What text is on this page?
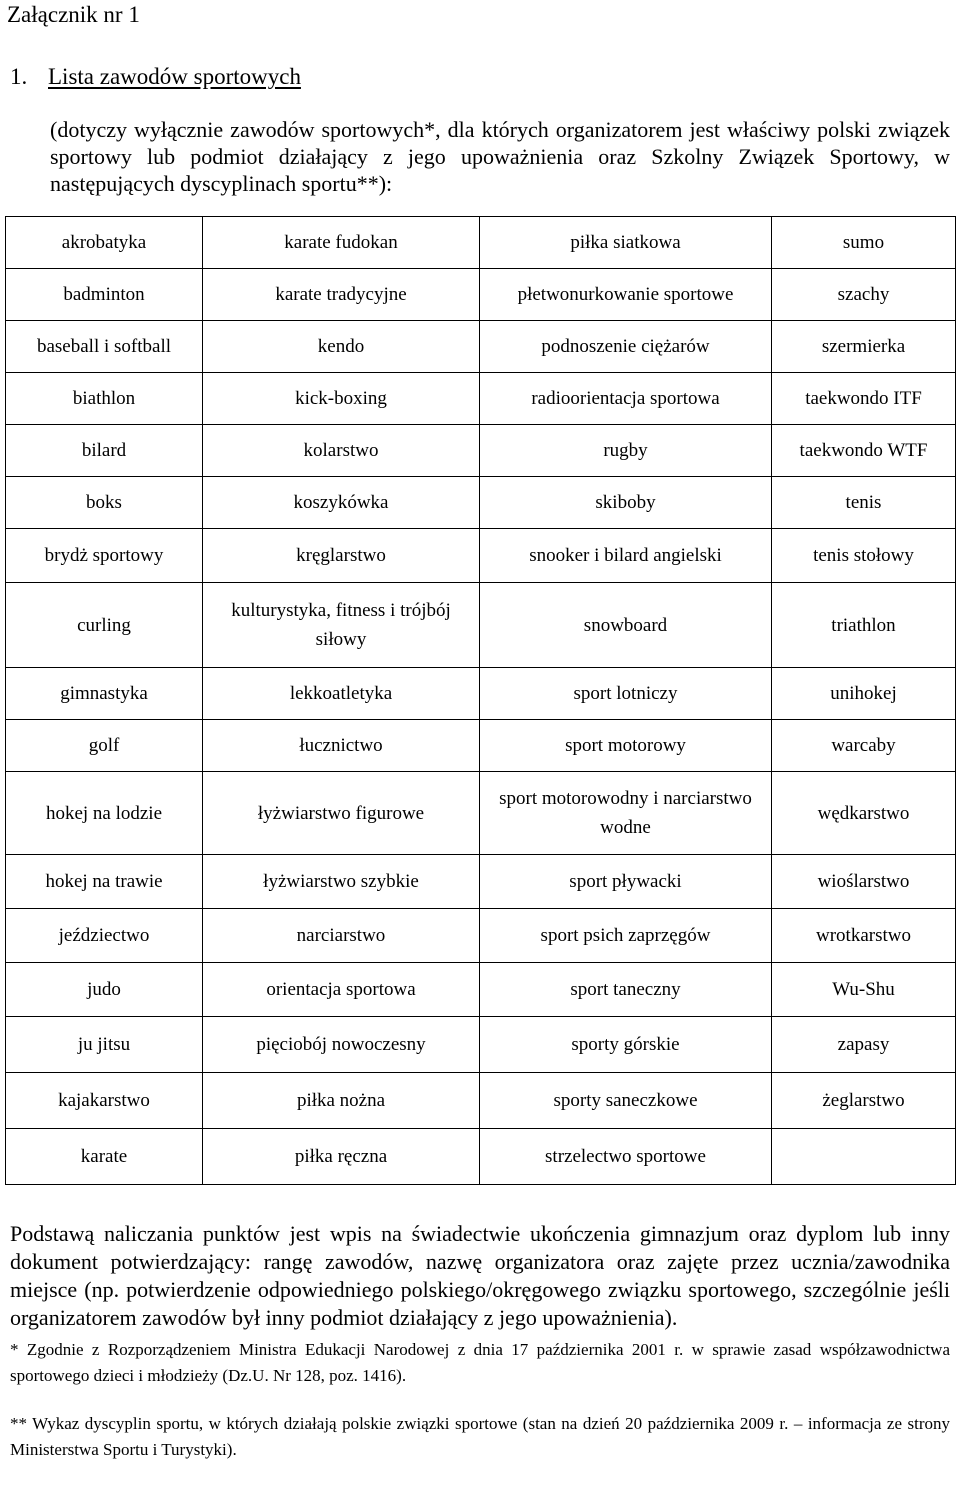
Załącznik nr 1
1. Lista zawodów sportowych
(dotyczy wyłącznie zawodów sportowych*, dla których organizatorem jest właściwy polski związek sportowy lub podmiot działający z jego upoważnienia oraz Szkolny Związek Sportowy, w następujących dyscyplinach sportu**):
akrobatyka	karate fudokan	piłka siatkowa	sumo
badminton	karate tradycyjne	płetwonurkowanie sportowe	szachy
baseball i softball	kendo	podnoszenie ciężarów	szermierka
biathlon	kick-boxing	radioorientacja sportowa	taekwondo ITF
bilard	kolarstwo	rugby	taekwondo WTF
boks	koszykówka	skiboby	tenis
brydż sportowy	kręglarstwo	snooker i bilard angielski	tenis stołowy
curling	kulturystyka, fitness i trójbój siłowy	snowboard	triathlon
gimnastyka	lekkoatletyka	sport lotniczy	unihokej
golf	łucznictwo	sport motorowy	warcaby
hokej na lodzie	łyżwiarstwo figurowe	sport motorowodny i narciarstwo wodne	wędkarstwo
hokej na trawie	łyżwiarstwo szybkie	sport pływacki	wioślarstwo
jeździectwo	narciarstwo	sport psich zaprzęgów	wrotkarstwo
judo	orientacja sportowa	sport taneczny	Wu-Shu
ju jitsu	pięciobój nowoczesny	sporty górskie	zapasy
kajakarstwo	piłka nożna	sporty saneczkowe	żeglarstwo
karate	piłka ręczna	strzelectwo sportowe	

Podstawą naliczania punktów jest wpis na świadectwie ukończenia gimnazjum oraz dyplom lub inny dokument potwierdzający: rangę zawodów, nazwę organizatora oraz zajęte przez ucznia/zawodnika miejsce (np. potwierdzenie odpowiedniego polskiego/okręgowego związku sportowego, szczególnie jeśli organizatorem zawodów był inny podmiot działający z jego upoważnienia).

* Zgodnie z Rozporządzeniem Ministra Edukacji Narodowej z dnia 17 października 2001 r. w sprawie zasad współzawodnictwa sportowego dzieci i młodzieży (Dz.U. Nr 128, poz. 1416).

** Wykaz dyscyplin sportu, w których działają polskie związki sportowe (stan na dzień 20 października 2009 r. – informacja ze strony Ministerstwa Sportu i Turystyki).
